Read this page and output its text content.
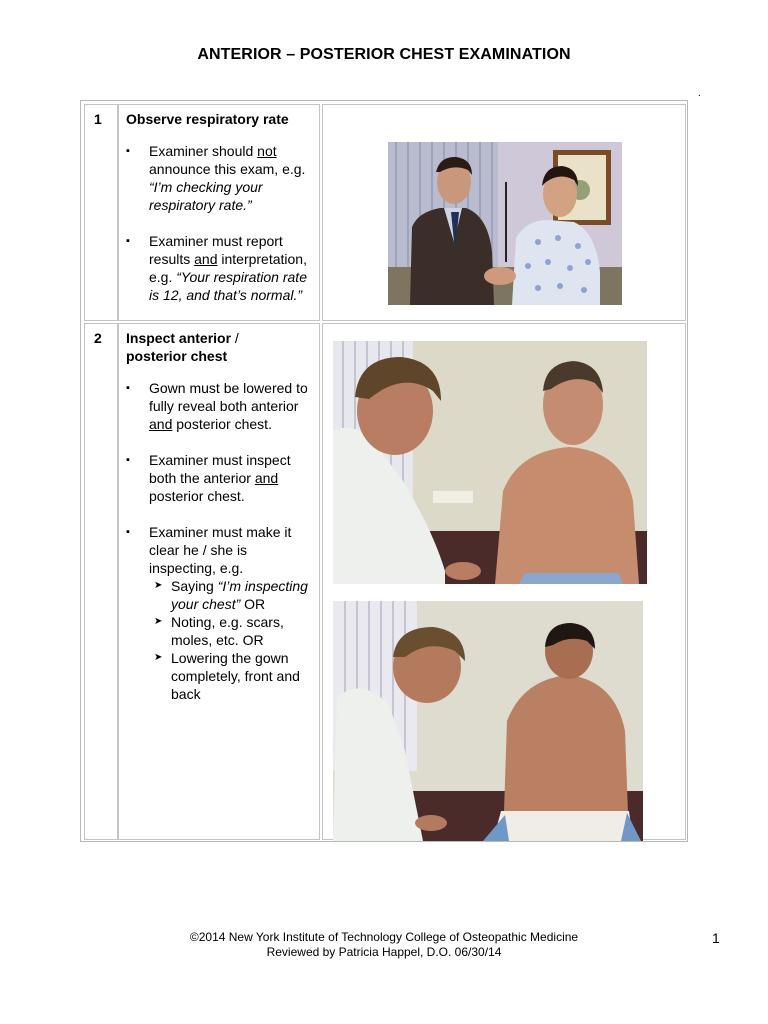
ANTERIOR – POSTERIOR CHEST EXAMINATION
.
1 Observe respiratory rate
▪ Examiner should not announce this exam, e.g. “I’m checking your respiratory rate.”
▪ Examiner must report results and interpretation, e.g. “Your respiration rate is 12, and that’s normal.”
2 Inspect anterior /
posterior chest
▪ Gown must be lowered to fully reveal both anterior and posterior chest.
▪ Examiner must inspect both the anterior and posterior chest.
▪ Examiner must make it clear he / she is inspecting, e.g.
➤ Saying “I’m inspecting your chest” OR
➤ Noting, e.g. scars, moles, etc. OR
➤ Lowering the gown completely, front and back
©2014 New York Institute of Technology College of Osteopathic Medicine
Reviewed by Patricia Happel, D.O. 06/30/14
1
